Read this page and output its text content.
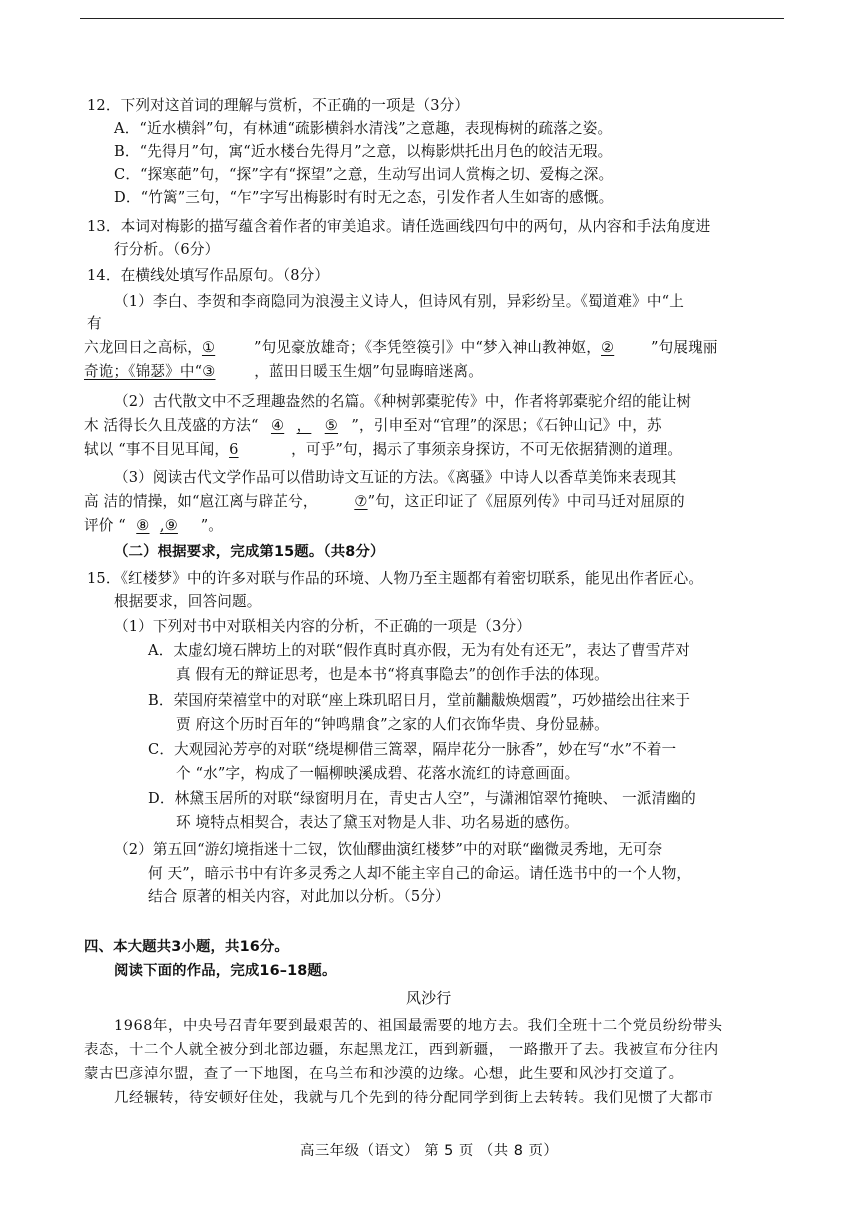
12．下列对这首词的理解与赏析，不正确的一项是（3分）
A．“近水横斜”句，有林逋“疏影横斜水清浅”之意趣，表现梅树的疏落之姿。
B．“先得月”句，寓“近水楼台先得月”之意，以梅影烘托出月色的皎洁无瑕。
C．“探寒葩”句，“探”字有“探望”之意，生动写出词人赏梅之切、爱梅之深。
D．“竹篱”三句，“乍”字写出梅影时有时无之态，引发作者人生如寄的感慨。
13．本词对梅影的描写蕴含着作者的审美追求。请任选画线四句中的两句，从内容和手法角度进
行分析。（6分）
14．在横线处填写作品原句。（8分）
（1）李白、李贺和李商隐同为浪漫主义诗人，但诗风有别，异彩纷呈。《蜀道难》中“上
有
六龙回日之高标，①	”句见豪放雄奇；《李凭箜篌引》中“梦入神山教神妪，②	”句展瑰丽
奇诡；《锦瑟》中“③	，蓝田日暖玉生烟”句显晦暗迷离。
（2）古代散文中不乏理趣盎然的名篇。《种树郭橐驼传》中，作者将郭橐驼介绍的能让树
木 活得长久且茂盛的方法“ ④ ， ⑤ ”，引申至对“官理”的深思；《石钟山记》中，苏
轼以 “事不目见耳闻，6	，可乎”句，揭示了事须亲身探访，不可无依据猜测的道理。
（3）阅读古代文学作品可以借助诗文互证的方法。《离骚》中诗人以香草美饰来表现其
高 洁的情操，如“扈江离与辟芷兮，	⑦”句，这正印证了《屈原列传》中司马迁对屈原的
评价 “ ⑧ ,⑨ ”。
（二）根据要求，完成第15题。（共8分）
15．《红楼梦》中的许多对联与作品的环境、人物乃至主题都有着密切联系，能见出作者匠心。
根据要求，回答问题。
（1）下列对书中对联相关内容的分析，不正确的一项是（3分）
A．太虚幻境石牌坊上的对联“假作真时真亦假，无为有处有还无”，表达了曹雪芹对
真 假有无的辩证思考，也是本书“将真事隐去”的创作手法的体现。
B．荣国府荣禧堂中的对联“座上珠玑昭日月，堂前黼黻焕烟霞”，巧妙描绘出往来于
贾 府这个历时百年的“钟鸣鼎食”之家的人们衣饰华贵、身份显赫。
C．大观园沁芳亭的对联“绕堤柳借三篙翠，隔岸花分一脉香”，妙在写“水”不着一
个 “水”字，构成了一幅柳映溪成碧、花落水流红的诗意画面。
D．林黛玉居所的对联“绿窗明月在，青史古人空”，与潇湘馆翠竹掩映、 一派清幽的
环 境特点相契合，表达了黛玉对物是人非、功名易逝的感伤。
（2）第五回“游幻境指迷十二钗，饮仙醪曲演红楼梦”中的对联“幽微灵秀地，无可奈
何 天”，暗示书中有许多灵秀之人却不能主宰自己的命运。请任选书中的一个人物，
结合 原著的相关内容，对此加以分析。（5分）
四、本大题共3小题，共16分。
阅读下面的作品，完成16–18题。
风沙行
1968年，中央号召青年要到最艰苦的、祖国最需要的地方去。我们全班十二个党员纷纷带头
表态，十二个人就全被分到北部边疆，东起黑龙江，西到新疆， 一路撒开了去。我被宣布分往内
蒙古巴彦淖尔盟，查了一下地图，在乌兰布和沙漠的边缘。心想，此生要和风沙打交道了。
几经辗转，待安顿好住处，我就与几个先到的待分配同学到街上去转转。我们见惯了大都市
高三年级（语文） 第 5 页 （共 8 页）
